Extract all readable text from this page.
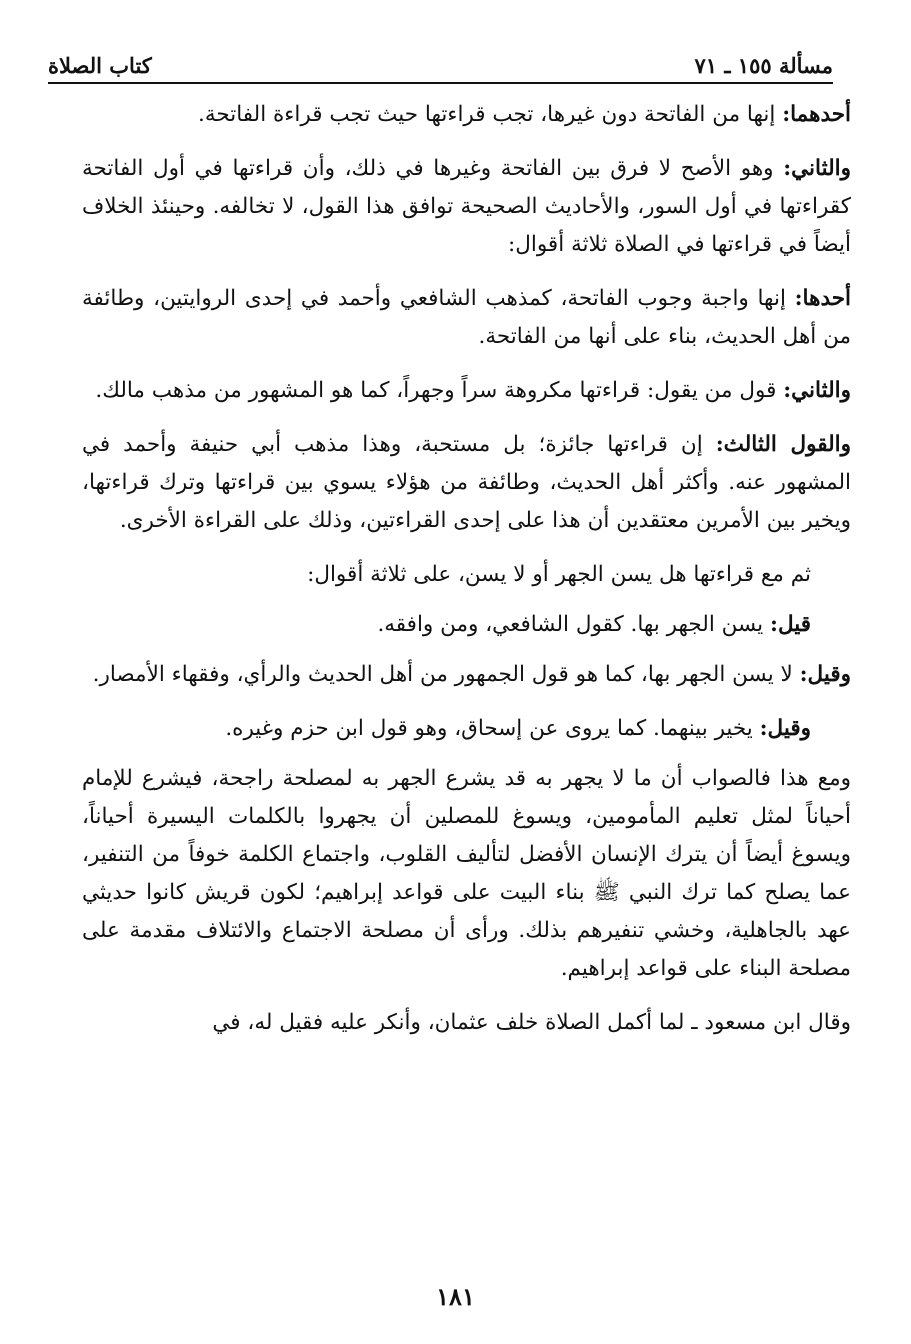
مسألة ١٥٥ ـ ٧١
كتاب الصلاة

أحدهما: إنها من الفاتحة دون غيرها، تجب قراءتها حيث تجب قراءة الفاتحة.

والثاني: وهو الأصح لا فرق بين الفاتحة وغيرها في ذلك، وأن قراءتها في أول الفاتحة كقراءتها في أول السور، والأحاديث الصحيحة توافق هذا القول، لا تخالفه. وحينئذ الخلاف أيضاً في قراءتها في الصلاة ثلاثة أقوال:

أحدها: إنها واجبة وجوب الفاتحة، كمذهب الشافعي وأحمد في إحدى الروايتين، وطائفة من أهل الحديث، بناء على أنها من الفاتحة.

والثاني: قول من يقول: قراءتها مكروهة سراً وجهراً، كما هو المشهور من مذهب مالك.

والقول الثالث: إن قراءتها جائزة؛ بل مستحبة، وهذا مذهب أبي حنيفة وأحمد في المشهور عنه. وأكثر أهل الحديث، وطائفة من هؤلاء يسوي بين قراءتها وترك قراءتها، ويخير بين الأمرين معتقدين أن هذا على إحدى القراءتين، وذلك على القراءة الأخرى.

ثم مع قراءتها هل يسن الجهر أو لا يسن، على ثلاثة أقوال:

قيل: يسن الجهر بها. كقول الشافعي، ومن وافقه.

وقيل: لا يسن الجهر بها، كما هو قول الجمهور من أهل الحديث والرأي، وفقهاء الأمصار.

وقيل: يخير بينهما. كما يروى عن إسحاق، وهو قول ابن حزم وغيره.

ومع هذا فالصواب أن ما لا يجهر به قد يشرع الجهر به لمصلحة راجحة، فيشرع للإمام أحياناً لمثل تعليم المأمومين، ويسوغ للمصلين أن يجهروا بالكلمات اليسيرة أحياناً، ويسوغ أيضاً أن يترك الإنسان الأفضل لتأليف القلوب، واجتماع الكلمة خوفاً من التنفير، عما يصلح كما ترك النبي ﷺ بناء البيت على قواعد إبراهيم؛ لكون قريش كانوا حديثي عهد بالجاهلية، وخشي تنفيرهم بذلك. ورأى أن مصلحة الاجتماع والائتلاف مقدمة على مصلحة البناء على قواعد إبراهيم.

وقال ابن مسعود ـ لما أكمل الصلاة خلف عثمان، وأنكر عليه فقيل له، في

١٨١
